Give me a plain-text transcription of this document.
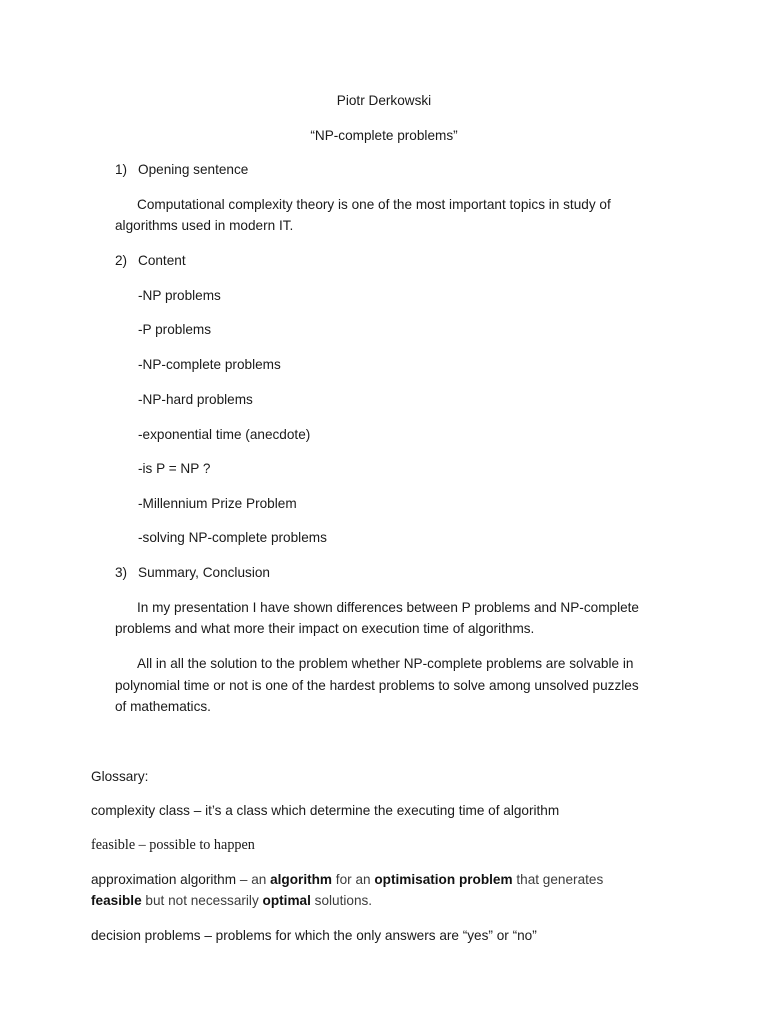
Piotr Derkowski
“NP-complete problems”
1) Opening sentence
Computational complexity theory is one of the most important topics in study of
algorithms used in modern IT.
2) Content
-NP problems
-P problems
-NP-complete problems
-NP-hard problems
-exponential time (anecdote)
-is P = NP ?
-Millennium Prize Problem
-solving NP-complete problems
3) Summary, Conclusion
In my presentation I have shown differences between P problems and NP-complete
problems and what more their impact on execution time of algorithms.
All in all the solution to the problem whether NP-complete problems are solvable in
polynomial time or not is one of the hardest problems to solve among unsolved puzzles
of mathematics.
Glossary:
complexity class – it’s a class which determine the executing time of algorithm
feasible – possible to happen
approximation algorithm – an algorithm for an optimisation problem that generates
feasible but not necessarily optimal solutions.
decision problems – problems for which the only answers are “yes” or “no”
